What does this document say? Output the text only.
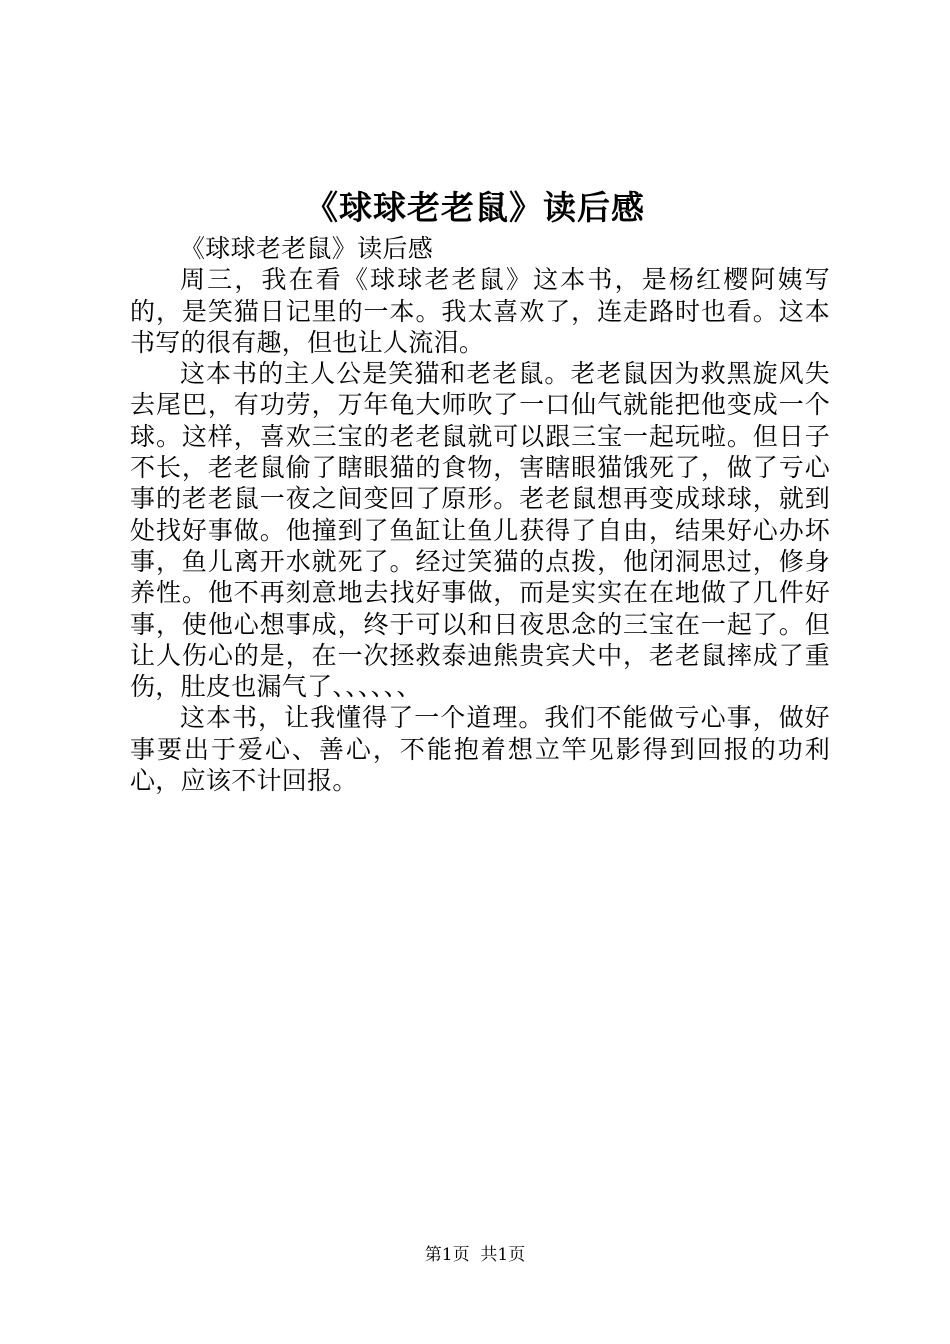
《球球老老鼠》读后感

《球球老老鼠》读后感

周三，我在看《球球老老鼠》这本书，是杨红樱阿姨写的，是笑猫日记里的一本。我太喜欢了，连走路时也看。这本书写的很有趣，但也让人流泪。

这本书的主人公是笑猫和老老鼠。老老鼠因为救黑旋风失去尾巴，有功劳，万年龟大师吹了一口仙气就能把他变成一个球。这样，喜欢三宝的老老鼠就可以跟三宝一起玩啦。但日子不长，老老鼠偷了瞎眼猫的食物，害瞎眼猫饿死了，做了亏心事的老老鼠一夜之间变回了原形。老老鼠想再变成球球，就到处找好事做。他撞到了鱼缸让鱼儿获得了自由，结果好心办坏事，鱼儿离开水就死了。经过笑猫的点拨，他闭洞思过，修身养性。他不再刻意地去找好事做，而是实实在在地做了几件好事，使他心想事成，终于可以和日夜思念的三宝在一起了。但让人伤心的是，在一次拯救泰迪熊贵宾犬中，老老鼠摔成了重伤，肚皮也漏气了、、、、、、

这本书，让我懂得了一个道理。我们不能做亏心事，做好事要出于爱心、善心，不能抱着想立竿见影得到回报的功利心，应该不计回报。

第1页  共1页
